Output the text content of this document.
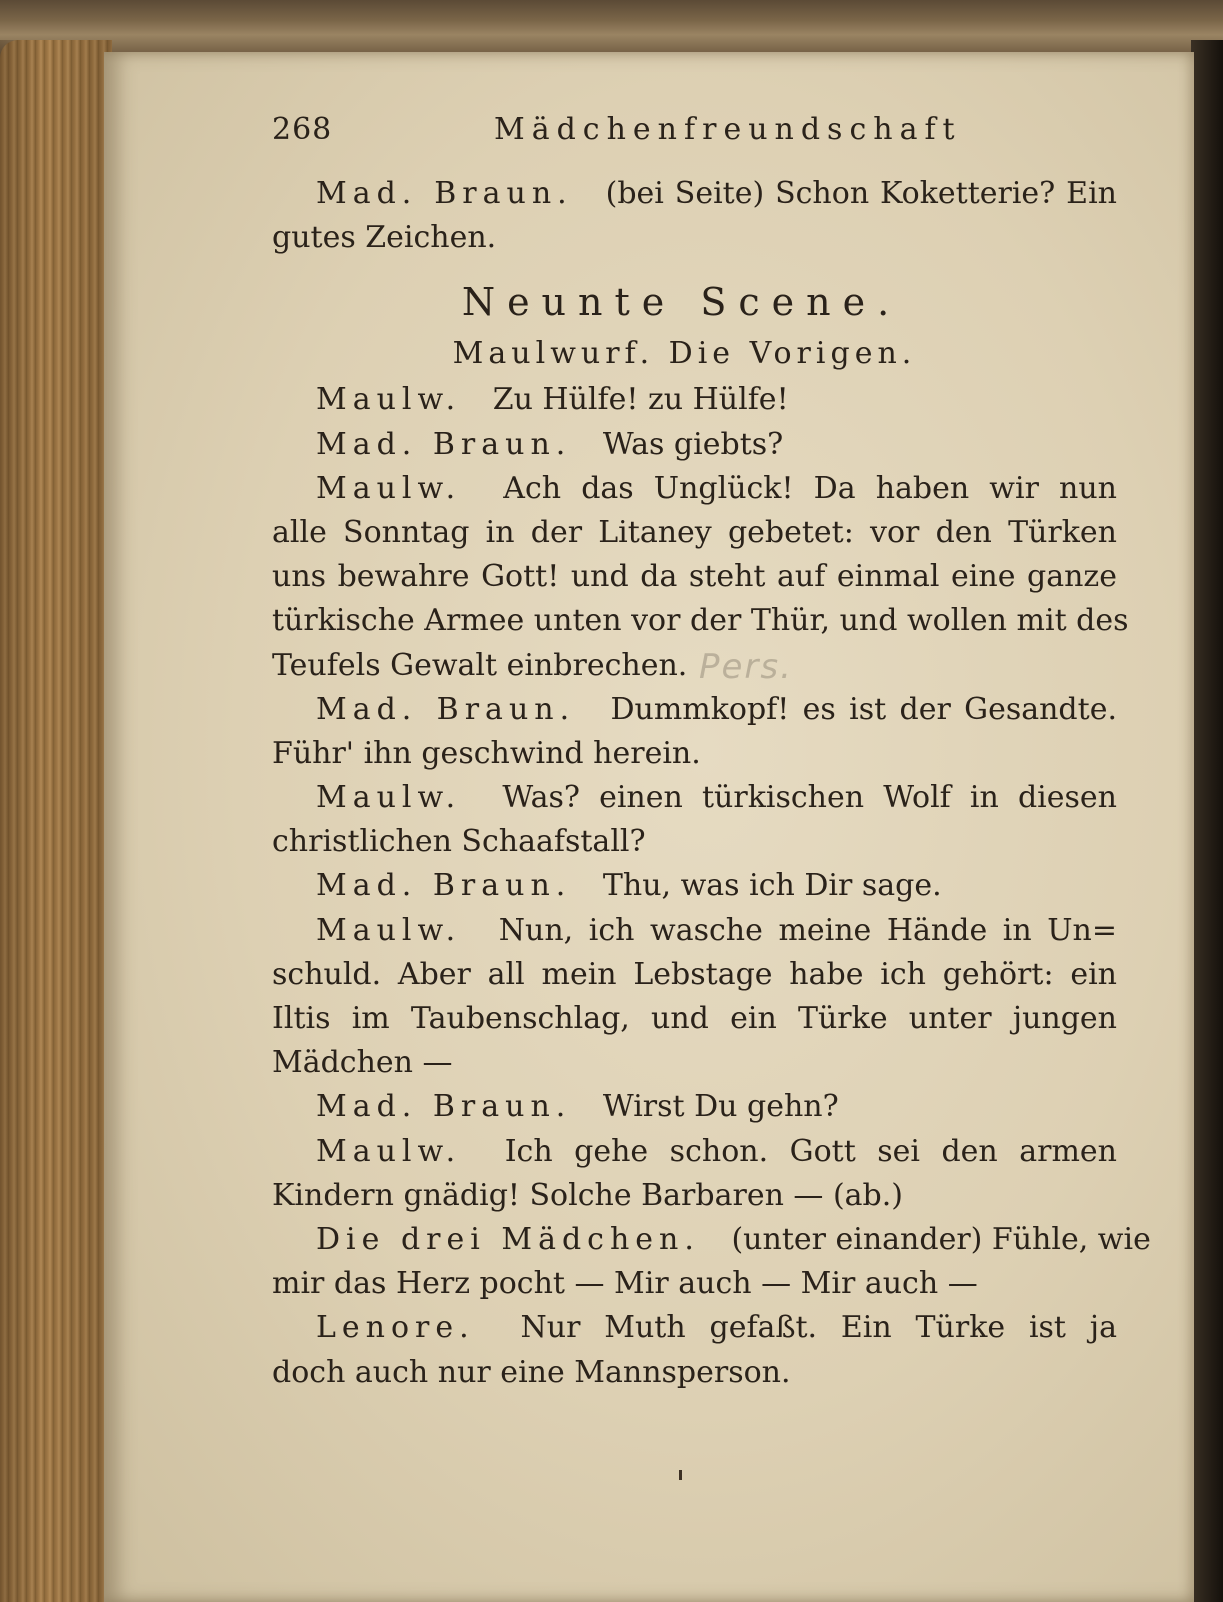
Pers.
268	Mädchenfreundschaft
Mad. Braun. (bei Seite) Schon Koketterie? Ein
gutes Zeichen.
Neunte Scene.
Maulwurf. Die Vorigen.
Maulw. Zu Hülfe! zu Hülfe!
Mad. Braun. Was giebts?
Maulw. Ach das Unglück! Da haben wir nun
alle Sonntag in der Litaney gebetet: vor den Türken
uns bewahre Gott! und da steht auf einmal eine ganze
türkische Armee unten vor der Thür, und wollen mit des
Teufels Gewalt einbrechen.
Mad. Braun. Dummkopf! es ist der Gesandte.
Führ' ihn geschwind herein.
Maulw. Was? einen türkischen Wolf in diesen
christlichen Schaafstall?
Mad. Braun. Thu, was ich Dir sage.
Maulw. Nun, ich wasche meine Hände in Un=
schuld. Aber all mein Lebstage habe ich gehört: ein
Iltis im Taubenschlag, und ein Türke unter jungen
Mädchen —
Mad. Braun. Wirst Du gehn?
Maulw. Ich gehe schon. Gott sei den armen
Kindern gnädig! Solche Barbaren — (ab.)
Die drei Mädchen. (unter einander) Fühle, wie
mir das Herz pocht — Mir auch — Mir auch —
Lenore. Nur Muth gefaßt. Ein Türke ist ja
doch auch nur eine Mannsperson.
